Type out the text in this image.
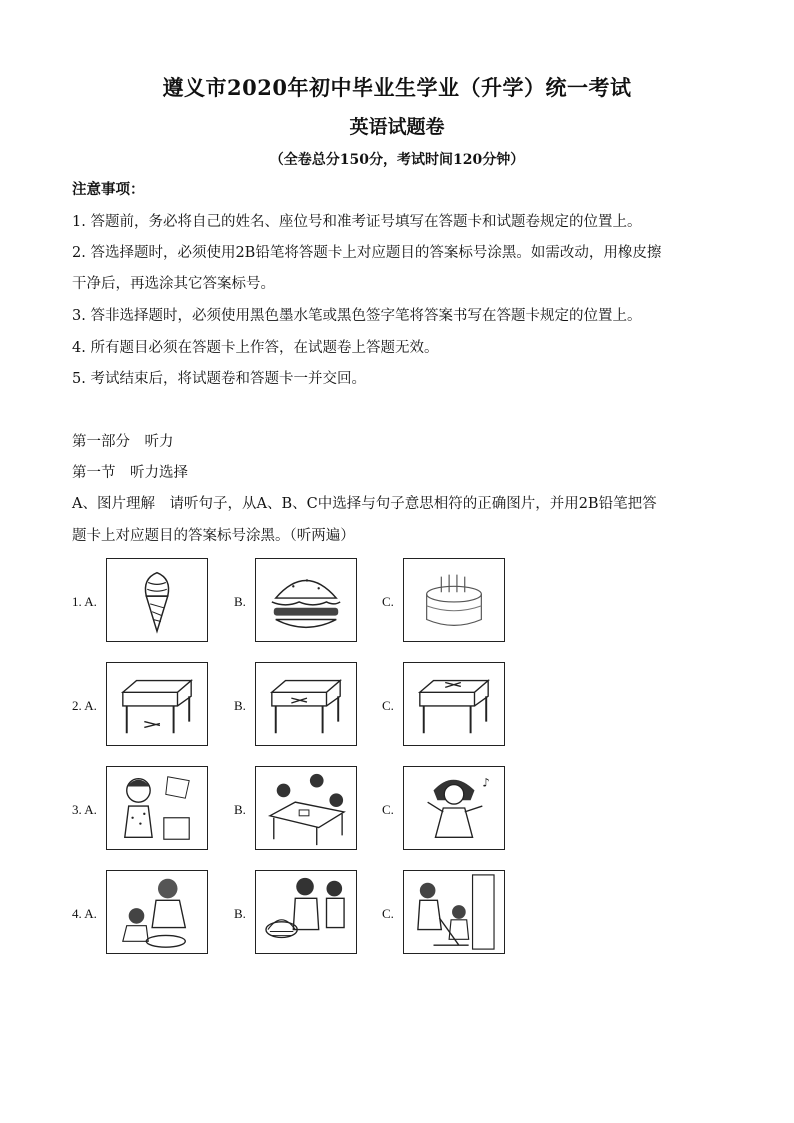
遵义市2020年初中毕业生学业（升学）统一考试
英语试题卷
（全卷总分150分，考试时间120分钟）
注意事项：
1. 答题前，务必将自己的姓名、座位号和准考证号填写在答题卡和试题卷规定的位置上。
2. 答选择题时，必须使用2B铅笔将答题卡上对应题目的答案标号涂黑。如需改动，用橡皮擦
干净后，再选涂其它答案标号。
3. 答非选择题时，必须使用黑色墨水笔或黑色签字笔将答案书写在答题卡规定的位置上。
4. 所有题目必须在答题卡上作答，在试题卷上答题无效。
5. 考试结束后，将试题卷和答题卡一并交回。
第一部分　听力
第一节　听力选择
A、图片理解　请听句子，从A、B、C中选择与句子意思相符的正确图片，并用2B铅笔把答
题卡上对应题目的答案标号涂黑。（听两遍）
1. A.	B.	C.
2. A.	B.	C.
3. A.	B.	C.
♪
4. A.	B.	C.
